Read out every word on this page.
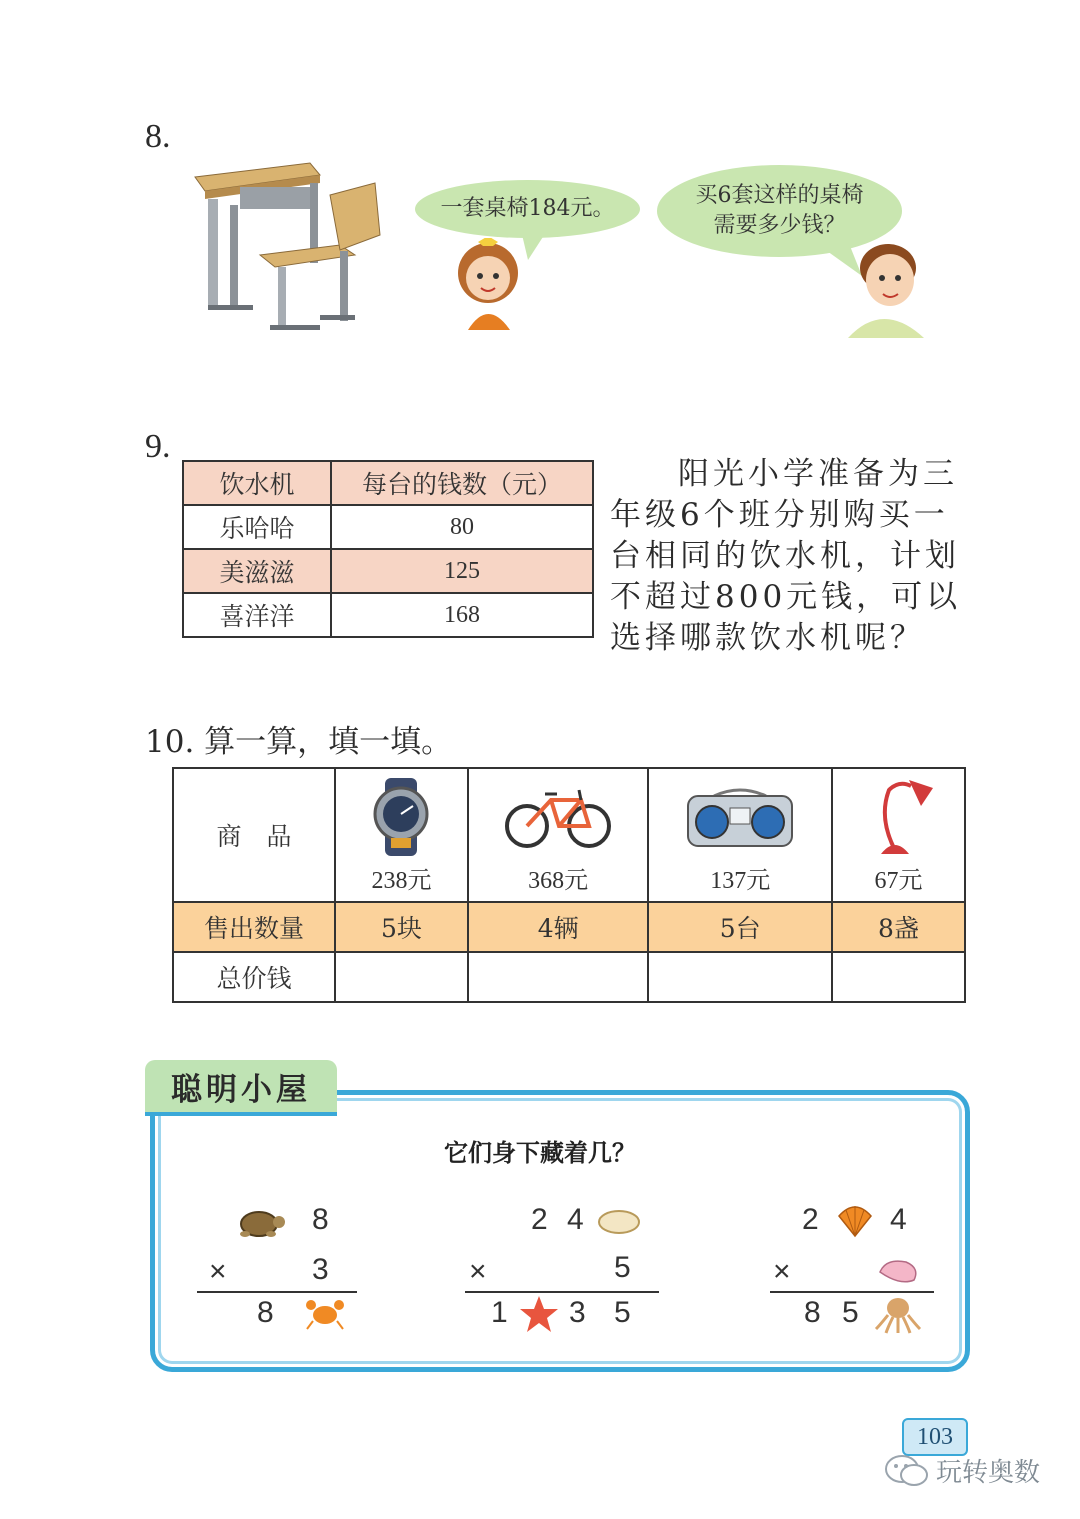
8.
一套桌椅184元。
买6套这样的桌椅
需要多少钱？
9.
饮水机	每台的钱数（元）
乐哈哈	80
美滋滋	125
喜洋洋	168
阳光小学准备为三
年级6个班分别购买一
台相同的饮水机，计划
不超过800元钱，可以
选择哪款饮水机呢？
10. 算一算，填一填。
商　品	238元	368元	137元	67元
售出数量	5块	4辆	5台	8盏
总价钱				
聪明小屋
它们身下藏着几？
8
×	3
8
2 4
×	5
1 3 5
2 4
×
8 5
103
玩转奥数
